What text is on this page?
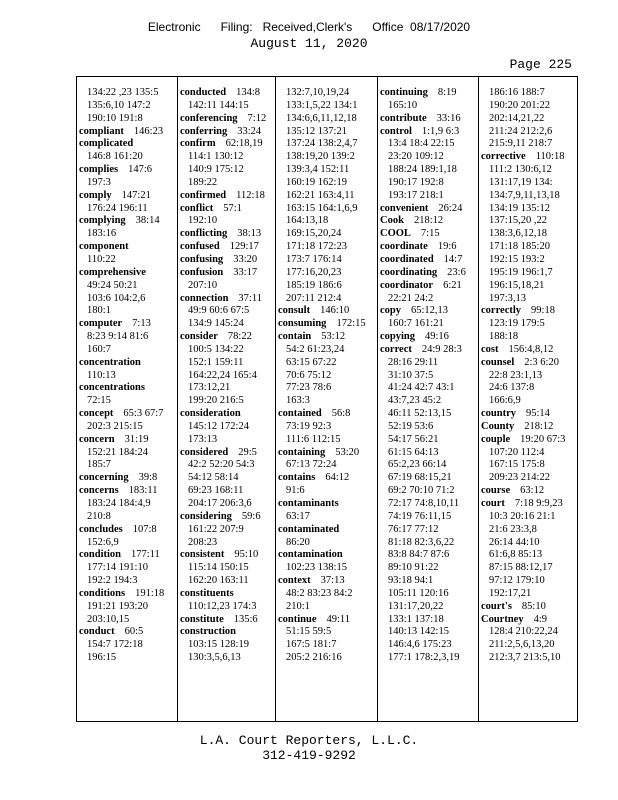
Electronic      Filing:   Received,Clerk's      Office  08/17/2020
August 11, 2020
Page 225
134:22 ,23 135:5
135:6,10 147:2
190:10 191:8
compliant 146:23
complicated
146:8 161:20
complies 147:6
197:3
comply 147:21
176:24 196:11
complying 38:14
183:16
component
110:22
comprehensive
49:24 50:21
103:6 104:2,6
180:1
computer 7:13
8:23 9:14 81:6
160:7
concentration
110:13
concentrations
72:15
concept 65:3 67:7
202:3 215:15
concern 31:19
152:21 184:24
185:7
concerning 39:8
concerns 183:11
183:24 184:4,9
210:8
concludes 107:8
152:6,9
condition 177:11
177:14 191:10
192:2 194:3
conditions 191:18
191:21 193:20
203:10,15
conduct 60:5
154:7 172:18
196:15
conducted 134:8
142:11 144:15
conferencing 7:12
conferring 33:24
confirm 62:18,19
114:1 130:12
140:9 175:12
189:22
confirmed 112:18
conflict 57:1
192:10
conflicting 38:13
confused 129:17
confusing 33:20
confusion 33:17
207:10
connection 37:11
49:9 60:6 67:5
134:9 145:24
consider 78:22
100:5 134:22
152:1 159:11
164:22,24 165:4
173:12,21
199:20 216:5
consideration
145:12 172:24
173:13
considered 29:5
42:2 52:20 54:3
54:12 58:14
69:23 168:11
204:17 206:3,6
considering 59:6
161:22 207:9
208:23
consistent 95:10
115:14 150:15
162:20 163:11
constituents
110:12,23 174:3
constitute 135:6
construction
103:15 128:19
130:3,5,6,13
132:7,10,19,24
133:1,5,22 134:1
134:6,6,11,12,18
135:12 137:21
137:24 138:2,4,7
138:19,20 139:2
139:3,4 152:11
160:19 162:19
162:21 163:4,11
163:15 164:1,6,9
164:13,18
169:15,20,24
171:18 172:23
173:7 176:14
177:16,20,23
185:19 186:6
207:11 212:4
consult 146:10
consuming 172:15
contain 53:12
54:2 61:23,24
63:15 67:22
70:6 75:12
77:23 78:6
163:3
contained 56:8
73:19 92:3
111:6 112:15
containing 53:20
67:13 72:24
contains 64:12
91:6
contaminants
63:17
contaminated
86:20
contamination
102:23 138:15
context 37:13
48:2 83:23 84:2
210:1
continue 49:11
51:15 59:5
167:5 181:7
205:2 216:16
continuing 8:19
165:10
contribute 33:16
control 1:1,9 6:3
13:4 18:4 22:15
23:20 109:12
188:24 189:1,18
190:17 192:8
193:17 218:1
convenient 26:24
Cook 218:12
COOL 7:15
coordinate 19:6
coordinated 14:7
coordinating 23:6
coordinator 6:21
22:21 24:2
copy 65:12,13
160:7 161:21
copying 49:16
correct 24:9 28:3
28:16 29:11
31:10 37:5
41:24 42:7 43:1
43:7,23 45:2
46:11 52:13,15
52:19 53:6
54:17 56:21
61:15 64:13
65:2,23 66:14
67:19 68:15,21
69:2 70:10 71:2
72:17 74:8,10,11
74:19 76:11,15
76:17 77:12
81:18 82:3,6,22
83:8 84:7 87:6
89:10 91:22
93:18 94:1
105:11 120:16
131:17,20,22
133:1 137:18
140:13 142:15
146:4,6 175:23
177:1 178:2,3,19
186:16 188:7
190:20 201:22
202:14,21,22
211:24 212:2,6
215:9,11 218:7
corrective 110:18
111:2 130:6,12
131:17,19 134:
134:7,9,11,13,18
134:19 135:12
137:15,20 ,22
138:3,6,12,18
171:18 185:20
192:15 193:2
195:19 196:1,7
196:15,18,21
197:3,13
correctly 99:18
123:19 179:5
188:18
cost 156:4,8,12
counsel 2:3 6:20
22:8 23:1,13
24:6 137:8
166:6,9
country 95:14
County 218:12
couple 19:20 67:3
107:20 112:4
167:15 175:8
209:23 214:22
course 63:12
court 7:18 9:9,23
10:3 20:16 21:1
21:6 23:3,8
26:14 44:10
61:6,8 85:13
87:15 88:12,17
97:12 179:10
192:17,21
court's 85:10
Courtney 4:9
128:4 210:22,24
211:2,5,6,13,20
212:3,7 213:5,10
L.A. Court Reporters, L.L.C.
312-419-9292
